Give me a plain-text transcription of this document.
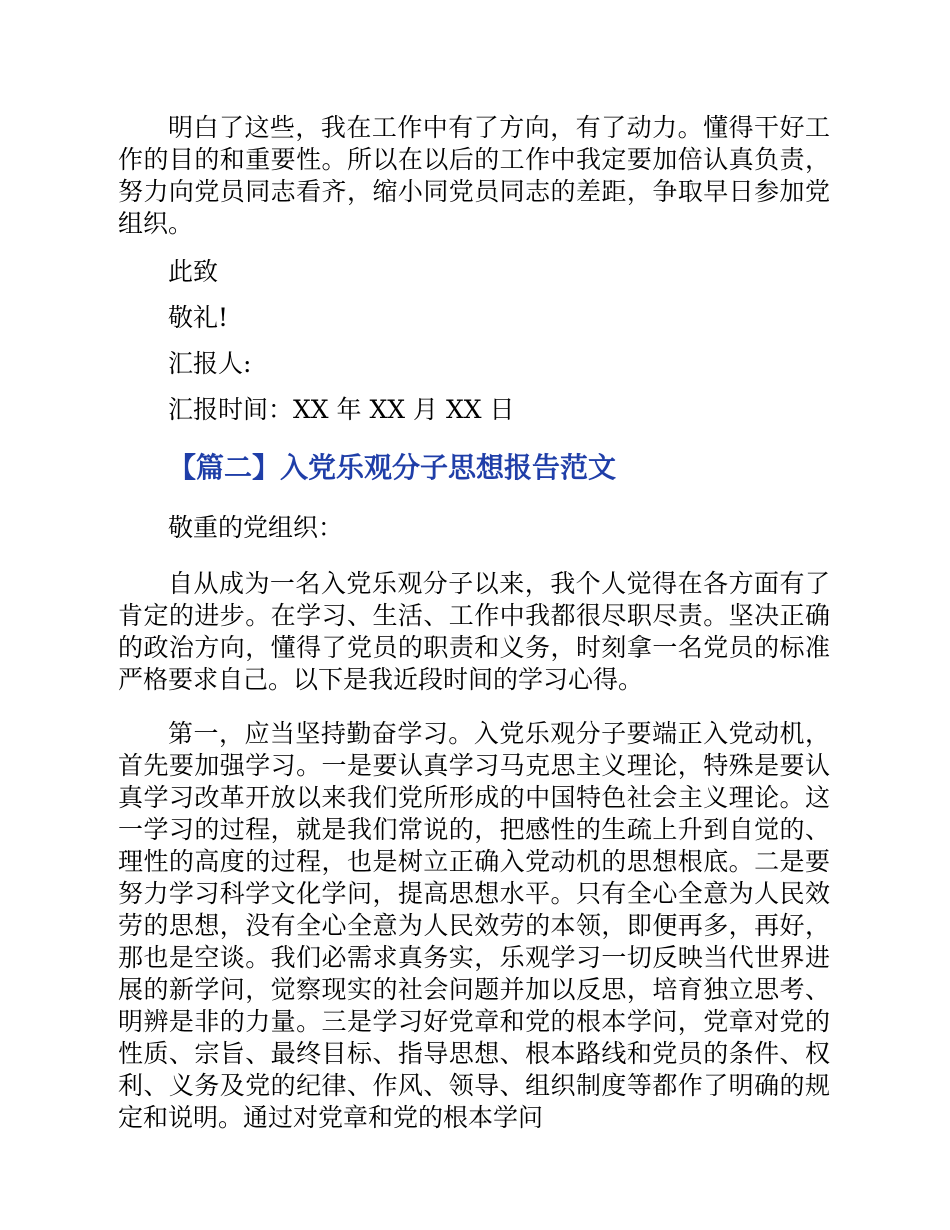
明白了这些，我在工作中有了方向，有了动力。懂得干好工作的目的和重要性。所以在以后的工作中我定要加倍认真负责，努力向党员同志看齐，缩小同党员同志的差距，争取早日参加党组织。

此致

敬礼!

汇报人:

汇报时间：XX 年 XX 月 XX 日

【篇二】入党乐观分子思想报告范文

敬重的党组织：

自从成为一名入党乐观分子以来，我个人觉得在各方面有了肯定的进步。在学习、生活、工作中我都很尽职尽责。坚决正确的政治方向，懂得了党员的职责和义务，时刻拿一名党员的标准严格要求自己。以下是我近段时间的学习心得。

第一，应当坚持勤奋学习。入党乐观分子要端正入党动机，首先要加强学习。一是要认真学习马克思主义理论，特殊是要认真学习改革开放以来我们党所形成的中国特色社会主义理论。这一学习的过程，就是我们常说的，把感性的生疏上升到自觉的、理性的高度的过程，也是树立正确入党动机的思想根底。二是要努力学习科学文化学问，提高思想水平。只有全心全意为人民效劳的思想，没有全心全意为人民效劳的本领，即便再多，再好，那也是空谈。我们必需求真务实，乐观学习一切反映当代世界进展的新学问，觉察现实的社会问题并加以反思，培育独立思考、明辨是非的力量。三是学习好党章和党的根本学问，党章对党的性质、宗旨、最终目标、指导思想、根本路线和党员的条件、权利、义务及党的纪律、作风、领导、组织制度等都作了明确的规定和说明。通过对党章和党的根本学问
